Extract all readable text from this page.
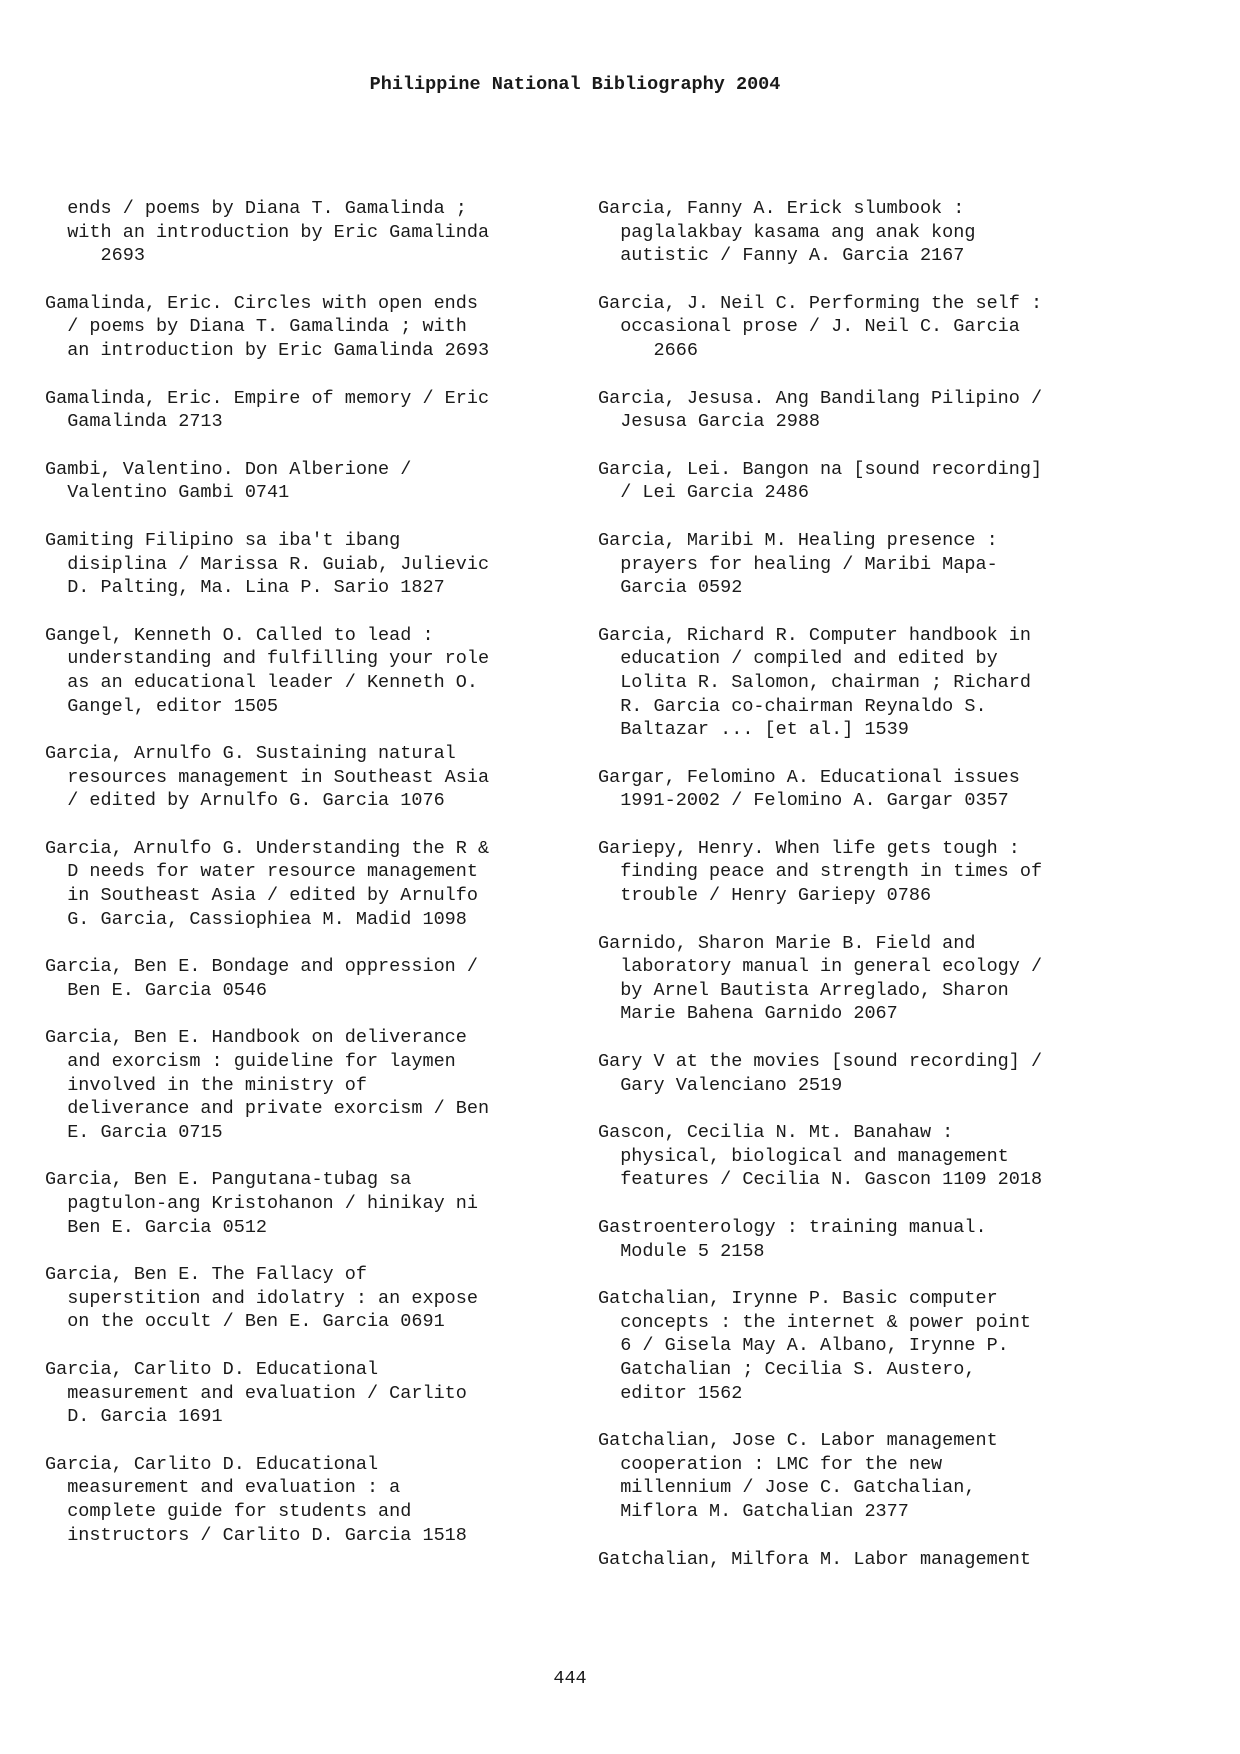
Philippine National Bibliography 2004
ends / poems by Diana T. Gamalinda ;
with an introduction by Eric Gamalinda
2693
Gamalinda, Eric. Circles with open ends
/ poems by Diana T. Gamalinda ; with
an introduction by Eric Gamalinda 2693
Gamalinda, Eric. Empire of memory / Eric
Gamalinda 2713
Gambi, Valentino. Don Alberione /
Valentino Gambi 0741
Gamiting Filipino sa iba't ibang
disiplina / Marissa R. Guiab, Julievic
D. Palting, Ma. Lina P. Sario 1827
Gangel, Kenneth O. Called to lead :
understanding and fulfilling your role
as an educational leader / Kenneth O.
Gangel, editor 1505
Garcia, Arnulfo G. Sustaining natural
resources management in Southeast Asia
/ edited by Arnulfo G. Garcia 1076
Garcia, Arnulfo G. Understanding the R &
D needs for water resource management
in Southeast Asia / edited by Arnulfo
G. Garcia, Cassiophiea M. Madid 1098
Garcia, Ben E. Bondage and oppression /
Ben E. Garcia 0546
Garcia, Ben E. Handbook on deliverance
and exorcism : guideline for laymen
involved in the ministry of
deliverance and private exorcism / Ben
E. Garcia 0715
Garcia, Ben E. Pangutana-tubag sa
pagtulon-ang Kristohanon / hinikay ni
Ben E. Garcia 0512
Garcia, Ben E. The Fallacy of
superstition and idolatry : an expose
on the occult / Ben E. Garcia 0691
Garcia, Carlito D. Educational
measurement and evaluation / Carlito
D. Garcia 1691
Garcia, Carlito D. Educational
measurement and evaluation : a
complete guide for students and
instructors / Carlito D. Garcia 1518
Garcia, Fanny A. Erick slumbook :
paglalakbay kasama ang anak kong
autistic / Fanny A. Garcia 2167
Garcia, J. Neil C. Performing the self :
occasional prose / J. Neil C. Garcia
2666
Garcia, Jesusa. Ang Bandilang Pilipino /
Jesusa Garcia 2988
Garcia, Lei. Bangon na [sound recording]
/ Lei Garcia 2486
Garcia, Maribi M. Healing presence :
prayers for healing / Maribi Mapa-
Garcia 0592
Garcia, Richard R. Computer handbook in
education / compiled and edited by
Lolita R. Salomon, chairman ; Richard
R. Garcia co-chairman Reynaldo S.
Baltazar ... [et al.] 1539
Gargar, Felomino A. Educational issues
1991-2002 / Felomino A. Gargar 0357
Gariepy, Henry. When life gets tough :
finding peace and strength in times of
trouble / Henry Gariepy 0786
Garnido, Sharon Marie B. Field and
laboratory manual in general ecology /
by Arnel Bautista Arreglado, Sharon
Marie Bahena Garnido 2067
Gary V at the movies [sound recording] /
Gary Valenciano 2519
Gascon, Cecilia N. Mt. Banahaw :
physical, biological and management
features / Cecilia N. Gascon 1109 2018
Gastroenterology : training manual.
Module 5 2158
Gatchalian, Irynne P. Basic computer
concepts : the internet & power point
6 / Gisela May A. Albano, Irynne P.
Gatchalian ; Cecilia S. Austero,
editor 1562
Gatchalian, Jose C. Labor management
cooperation : LMC for the new
millennium / Jose C. Gatchalian,
Miflora M. Gatchalian 2377
Gatchalian, Milfora M. Labor management
444
